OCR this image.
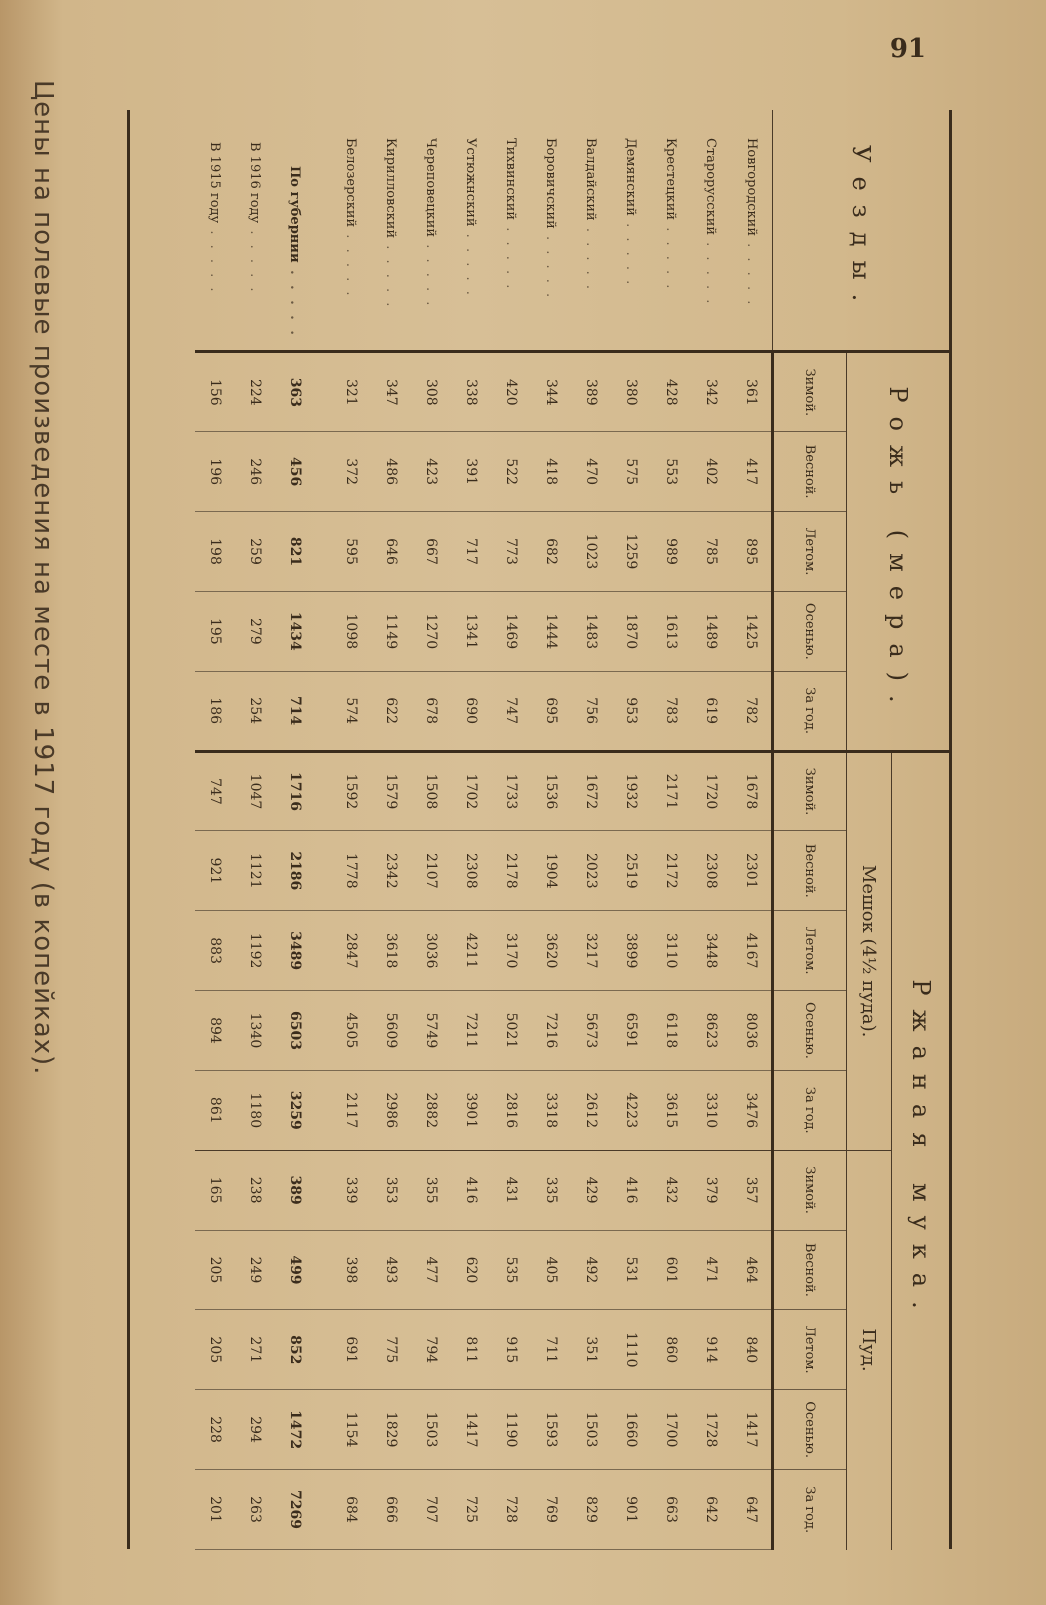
91
Цены на полевые произведения на месте в 1917 году (в копейках).	Уезды.	Рожь (мера).					Ржаная мука.									
						Мешок (4½ пуда).					Пуд.				
	Зимой.	Весной.	Летом.	Осенью.	За год.	Зимой.	Весной.	Летом.	Осенью.	За год.	Зимой.	Весной.	Летом.	Осенью.	За год.
Новгородский . . . . .	361	417	895	1425	782	1678	2301	4167	8036	3476	357	464	840	1417	647
Старорусский . . . . .	342	402	785	1489	619	1720	2308	3448	8623	3310	379	471	914	1728	642
Крестецкий . . . . .	428	553	989	1613	783	2171	2172	3110	6118	3615	432	601	860	1700	663
Демянский . . . . .	380	575	1259	1870	953	1932	2519	3899	6591	4223	416	531	1110	1660	901
Валдайский . . . . .	389	470	1023	1483	756	1672	2023	3217	5673	2612	429	492	351	1503	829
Боровичский . . . . .	344	418	682	1444	695	1536	1904	3620	7216	3318	335	405	711	1593	769
Тихвинский . . . . .	420	522	773	1469	747	1733	2178	3170	5021	2816	431	535	915	1190	728
Устюжнский . . . . .	338	391	717	1341	690	1702	2308	4211	7211	3901	416	620	811	1417	725
Череповецкий . . . . .	308	423	667	1270	678	1508	2107	3036	5749	2882	355	477	794	1503	707
Кирилловский . . . . .	347	486	646	1149	622	1579	2342	3618	5609	2986	353	493	775	1829	666
Белозерский . . . . .	321	372	595	1098	574	1592	1778	2847	4505	2117	339	398	691	1154	684

По губернии . . . . .	363	456	821	1434	714	1716	2186	3489	6503	3259	389	499	852	1472	7269
В 1916 году . . . . .	224	246	259	279	254	1047	1121	1192	1340	1180	238	249	271	294	263
В 1915 году . . . . .	156	196	198	195	186	747	921	883	894	861	165	205	205	228	201
